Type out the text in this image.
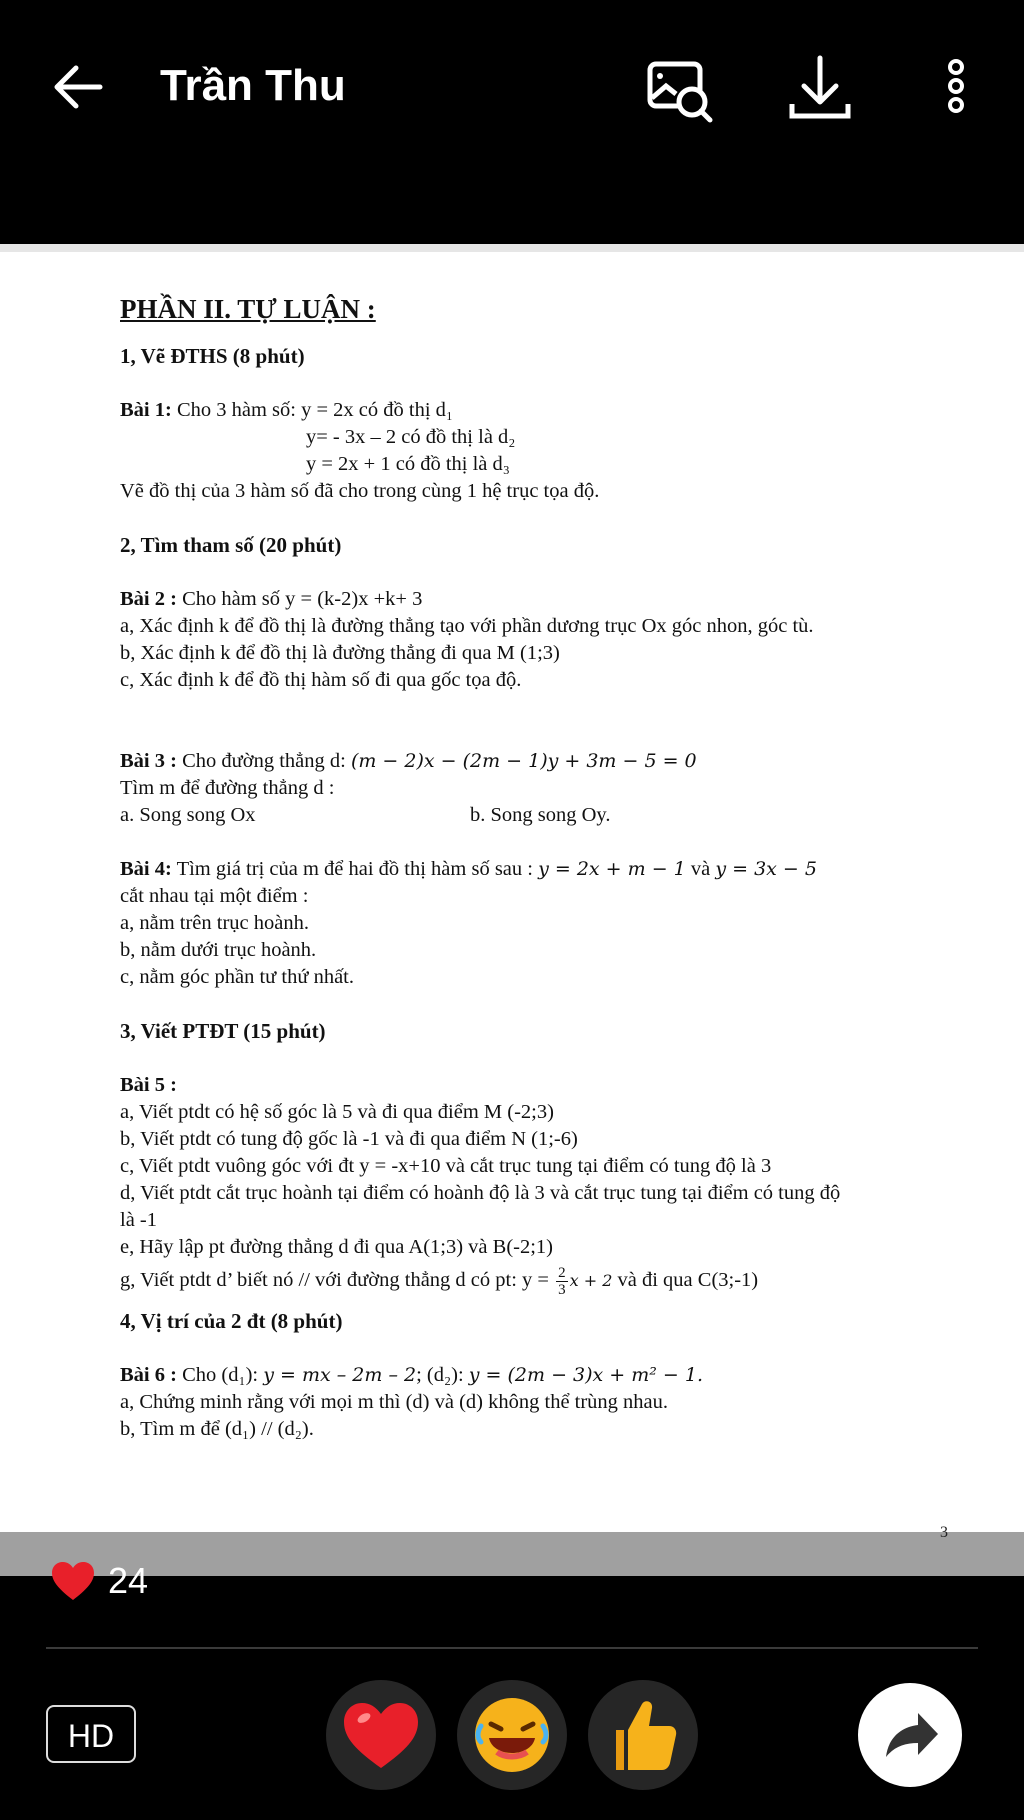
Trần Thu
PHẦN II. TỰ LUẬN :
1, Vẽ ĐTHS (8 phút)

Bài 1: Cho 3 hàm số: y = 2x có đồ thị d₁

y= - 3x – 2 có đồ thị là d₂

y = 2x + 1 có đồ thị là d₃

Vẽ đồ thị của 3 hàm số đã cho trong cùng 1 hệ trục tọa độ.

2, Tìm tham số (20 phút)

Bài 2 : Cho hàm số y = (k-2)x +k+ 3

a, Xác định k để đồ thị là đường thẳng tạo với phần dương trục Ox góc nhon, góc tù.

b, Xác định k để đồ thị là đường thẳng đi qua M (1;3)

c, Xác định k để đồ thị hàm số đi qua gốc tọa độ.

Bài 3 : Cho đường thẳng d: (m − 2)x − (2m − 1)y + 3m − 5 = 0

Tìm m để đường thẳng d :

a. Song song Ox	b. Song song Oy.

Bài 4: Tìm giá trị của m để hai đồ thị hàm số sau : y = 2x + m − 1 và y = 3x − 5

cắt nhau tại một điểm :

a, nằm trên trục hoành.

b, nằm dưới trục hoành.

c, nằm góc phần tư thứ nhất.

3, Viết PTĐT (15 phút)

Bài 5 :

a, Viết ptdt có hệ số góc là 5 và đi qua điểm M (-2;3)

b, Viết ptdt có tung độ gốc là -1 và đi qua điểm N (1;-6)

c, Viết ptdt vuông góc với đt y = -x+10 và cắt trục tung tại điểm có tung độ là 3

d, Viết ptdt cắt trục hoành tại điểm có hoành độ là 3 và cắt trục tung tại điểm có tung độ

là -1

e, Hãy lập pt đường thẳng d đi qua A(1;3) và B(-2;1)

g, Viết ptdt d’ biết nó // với đường thẳng d có pt: $y = \frac{2}{3}$ x + 2 và đi qua C(3;-1)

4, Vị trí của 2 đt (8 phút)

Bài 6 : Cho (d₁): y = mx – 2m – 2; (d₂): y = (2m − 3)x + m² − 1.

a, Chứng minh rằng với mọi m thì (d) và (d) không thể trùng nhau.

b, Tìm m để (d₁) // (d₂).

3
24
HD
